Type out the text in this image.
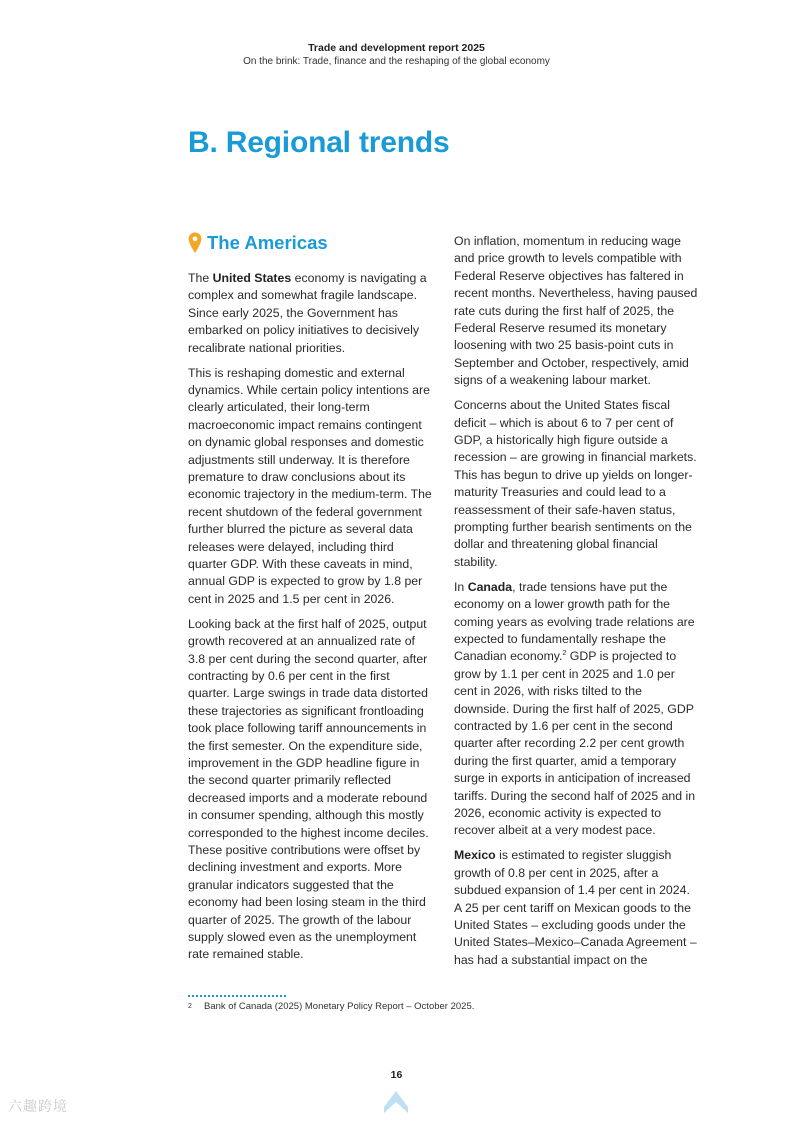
Trade and development report 2025
On the brink: Trade, finance and the reshaping of the global economy
B. Regional trends
The Americas

The United States economy is navigating a complex and somewhat fragile landscape. Since early 2025, the Government has embarked on policy initiatives to decisively recalibrate national priorities.

This is reshaping domestic and external dynamics. While certain policy intentions are clearly articulated, their long-term macroeconomic impact remains contingent on dynamic global responses and domestic adjustments still underway. It is therefore premature to draw conclusions about its economic trajectory in the medium-term. The recent shutdown of the federal government further blurred the picture as several data releases were delayed, including third quarter GDP. With these caveats in mind, annual GDP is expected to grow by 1.8 per cent in 2025 and 1.5 per cent in 2026.

Looking back at the first half of 2025, output growth recovered at an annualized rate of 3.8 per cent during the second quarter, after contracting by 0.6 per cent in the first quarter. Large swings in trade data distorted these trajectories as significant frontloading took place following tariff announcements in the first semester. On the expenditure side, improvement in the GDP headline figure in the second quarter primarily reflected decreased imports and a moderate rebound in consumer spending, although this mostly corresponded to the highest income deciles. These positive contributions were offset by declining investment and exports. More granular indicators suggested that the economy had been losing steam in the third quarter of 2025. The growth of the labour supply slowed even as the unemployment rate remained stable.

On inflation, momentum in reducing wage and price growth to levels compatible with Federal Reserve objectives has faltered in recent months. Nevertheless, having paused rate cuts during the first half of 2025, the Federal Reserve resumed its monetary loosening with two 25 basis-point cuts in September and October, respectively, amid signs of a weakening labour market.

Concerns about the United States fiscal deficit – which is about 6 to 7 per cent of GDP, a historically high figure outside a recession – are growing in financial markets. This has begun to drive up yields on longer-maturity Treasuries and could lead to a reassessment of their safe-haven status, prompting further bearish sentiments on the dollar and threatening global financial stability.

In Canada, trade tensions have put the economy on a lower growth path for the coming years as evolving trade relations are expected to fundamentally reshape the Canadian economy.$^2$ GDP is projected to grow by 1.1 per cent in 2025 and 1.0 per cent in 2026, with risks tilted to the downside. During the first half of 2025, GDP contracted by 1.6 per cent in the second quarter after recording 2.2 per cent growth during the first quarter, amid a temporary surge in exports in anticipation of increased tariffs. During the second half of 2025 and in 2026, economic activity is expected to recover albeit at a very modest pace.

Mexico is estimated to register sluggish growth of 0.8 per cent in 2025, after a subdued expansion of 1.4 per cent in 2024. A 25 per cent tariff on Mexican goods to the United States – excluding goods under the United States–Mexico–Canada Agreement – has had a substantial impact on the

2 Bank of Canada (2025) Monetary Policy Report – October 2025.
16
六趣跨境
